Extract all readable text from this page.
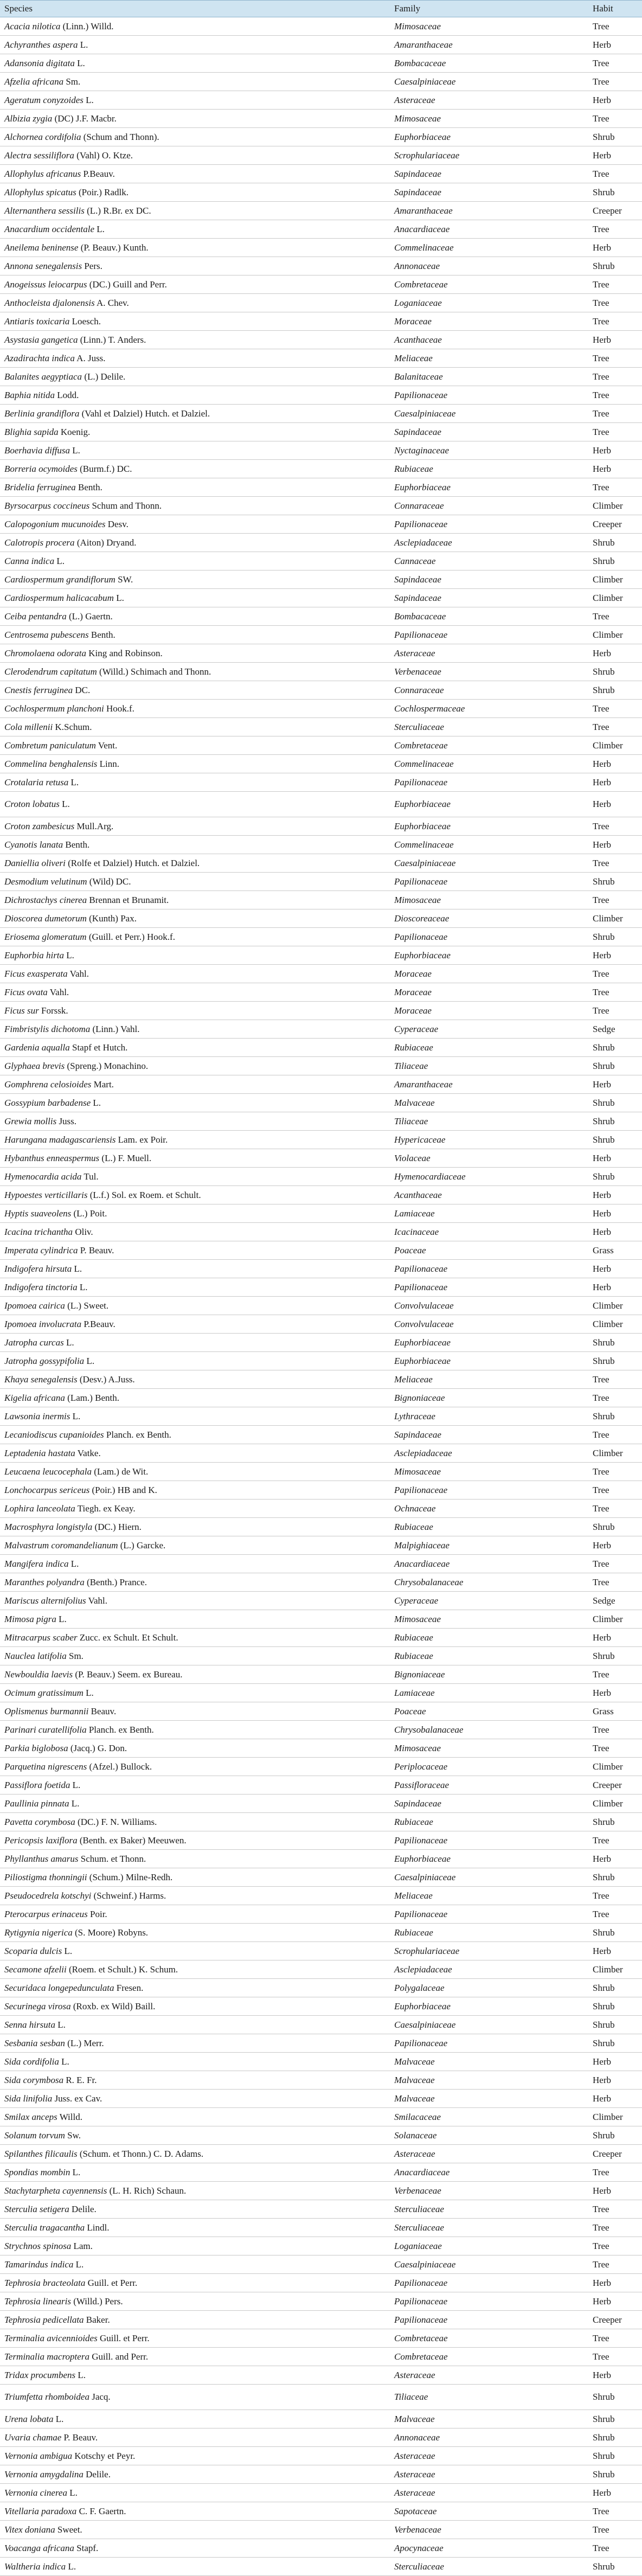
Species	Family	Habit
Acacia nilotica (Linn.) Willd.	Mimosaceae	Tree
Achyranthes aspera L.	Amaranthaceae	Herb
Adansonia digitata L.	Bombacaceae	Tree
Afzelia africana Sm.	Caesalpiniaceae	Tree
Ageratum conyzoides L.	Asteraceae	Herb
Albizia zygia (DC) J.F. Macbr.	Mimosaceae	Tree
Alchornea cordifolia (Schum and Thonn).	Euphorbiaceae	Shrub
Alectra sessiliflora (Vahl) O. Ktze.	Scrophulariaceae	Herb
Allophylus africanus P.Beauv.	Sapindaceae	Tree
Allophylus spicatus (Poir.) Radlk.	Sapindaceae	Shrub
Alternanthera sessilis (L.) R.Br. ex DC.	Amaranthaceae	Creeper
Anacardium occidentale L.	Anacardiaceae	Tree
Aneilema beninense (P. Beauv.) Kunth.	Commelinaceae	Herb
Annona senegalensis Pers.	Annonaceae	Shrub
Anogeissus leiocarpus (DC.) Guill and Perr.	Combretaceae	Tree
Anthocleista djalonensis A. Chev.	Loganiaceae	Tree
Antiaris toxicaria Loesch.	Moraceae	Tree
Asystasia gangetica (Linn.) T. Anders.	Acanthaceae	Herb
Azadirachta indica A. Juss.	Meliaceae	Tree
Balanites aegyptiaca (L.) Delile.	Balanitaceae	Tree
Baphia nitida Lodd.	Papilionaceae	Tree
Berlinia grandiflora (Vahl et Dalziel) Hutch. et Dalziel.	Caesalpiniaceae	Tree
Blighia sapida Koenig.	Sapindaceae	Tree
Boerhavia diffusa L.	Nyctaginaceae	Herb
Borreria ocymoides (Burm.f.) DC.	Rubiaceae	Herb
Bridelia ferruginea Benth.	Euphorbiaceae	Tree
Byrsocarpus coccineus Schum and Thonn.	Connaraceae	Climber
Calopogonium mucunoides Desv.	Papilionaceae	Creeper
Calotropis procera (Aiton) Dryand.	Asclepiadaceae	Shrub
Canna indica L.	Cannaceae	Shrub
Cardiospermum grandiflorum SW.	Sapindaceae	Climber
Cardiospermum halicacabum L.	Sapindaceae	Climber
Ceiba pentandra (L.) Gaertn.	Bombacaceae	Tree
Centrosema pubescens Benth.	Papilionaceae	Climber
Chromolaena odorata King and Robinson.	Asteraceae	Herb
Clerodendrum capitatum (Willd.) Schimach and Thonn.	Verbenaceae	Shrub
Cnestis ferruginea DC.	Connaraceae	Shrub
Cochlospermum planchoni Hook.f.	Cochlospermaceae	Tree
Cola millenii K.Schum.	Sterculiaceae	Tree
Combretum paniculatum Vent.	Combretaceae	Climber
Commelina benghalensis Linn.	Commelinaceae	Herb
Crotalaria retusa L.	Papilionaceae	Herb
Croton lobatus L.	Euphorbiaceae	Herb
Croton zambesicus Mull.Arg.	Euphorbiaceae	Tree
Cyanotis lanata Benth.	Commelinaceae	Herb
Daniellia oliveri (Rolfe et Dalziel) Hutch. et Dalziel.	Caesalpiniaceae	Tree
Desmodium velutinum (Wild) DC.	Papilionaceae	Shrub
Dichrostachys cinerea Brennan et Brunamit.	Mimosaceae	Tree
Dioscorea dumetorum (Kunth) Pax.	Dioscoreaceae	Climber
Eriosema glomeratum (Guill. et Perr.) Hook.f.	Papilionaceae	Shrub
Euphorbia hirta L.	Euphorbiaceae	Herb
Ficus exasperata Vahl.	Moraceae	Tree
Ficus ovata Vahl.	Moraceae	Tree
Ficus sur Forssk.	Moraceae	Tree
Fimbristylis dichotoma (Linn.) Vahl.	Cyperaceae	Sedge
Gardenia aqualla Stapf et Hutch.	Rubiaceae	Shrub
Glyphaea brevis (Spreng.) Monachino.	Tiliaceae	Shrub
Gomphrena celosioides Mart.	Amaranthaceae	Herb
Gossypium barbadense L.	Malvaceae	Shrub
Grewia mollis Juss.	Tiliaceae	Shrub
Harungana madagascariensis Lam. ex Poir.	Hypericaceae	Shrub
Hybanthus enneaspermus (L.) F. Muell.	Violaceae	Herb
Hymenocardia acida Tul.	Hymenocardiaceae	Shrub
Hypoestes verticillaris (L.f.) Sol. ex Roem. et Schult.	Acanthaceae	Herb
Hyptis suaveolens (L.) Poit.	Lamiaceae	Herb
Icacina trichantha Oliv.	Icacinaceae	Herb
Imperata cylindrica P. Beauv.	Poaceae	Grass
Indigofera hirsuta L.	Papilionaceae	Herb
Indigofera tinctoria L.	Papilionaceae	Herb
Ipomoea cairica (L.) Sweet.	Convolvulaceae	Climber
Ipomoea involucrata P.Beauv.	Convolvulaceae	Climber
Jatropha curcas L.	Euphorbiaceae	Shrub
Jatropha gossypifolia L.	Euphorbiaceae	Shrub
Khaya senegalensis (Desv.) A.Juss.	Meliaceae	Tree
Kigelia africana (Lam.) Benth.	Bignoniaceae	Tree
Lawsonia inermis L.	Lythraceae	Shrub
Lecaniodiscus cupanioides Planch. ex Benth.	Sapindaceae	Tree
Leptadenia hastata Vatke.	Asclepiadaceae	Climber
Leucaena leucocephala (Lam.) de Wit.	Mimosaceae	Tree
Lonchocarpus sericeus (Poir.) HB and K.	Papilionaceae	Tree
Lophira lanceolata Tiegh. ex Keay.	Ochnaceae	Tree
Macrosphyra longistyla (DC.) Hiern.	Rubiaceae	Shrub
Malvastrum coromandelianum (L.) Garcke.	Malpighiaceae	Herb
Mangifera indica L.	Anacardiaceae	Tree
Maranthes polyandra (Benth.) Prance.	Chrysobalanaceae	Tree
Mariscus alternifolius Vahl.	Cyperaceae	Sedge
Mimosa pigra L.	Mimosaceae	Climber
Mitracarpus scaber Zucc. ex Schult. Et Schult.	Rubiaceae	Herb
Nauclea latifolia Sm.	Rubiaceae	Shrub
Newbouldia laevis (P. Beauv.) Seem. ex Bureau.	Bignoniaceae	Tree
Ocimum gratissimum L.	Lamiaceae	Herb
Oplismenus burmannii Beauv.	Poaceae	Grass
Parinari curatellifolia Planch. ex Benth.	Chrysobalanaceae	Tree
Parkia biglobosa (Jacq.) G. Don.	Mimosaceae	Tree
Parquetina nigrescens (Afzel.) Bullock.	Periplocaceae	Climber
Passiflora foetida L.	Passifloraceae	Creeper
Paullinia pinnata L.	Sapindaceae	Climber
Pavetta corymbosa (DC.) F. N. Williams.	Rubiaceae	Shrub
Pericopsis laxiflora (Benth. ex Baker) Meeuwen.	Papilionaceae	Tree
Phyllanthus amarus Schum. et Thonn.	Euphorbiaceae	Herb
Piliostigma thonningii (Schum.) Milne-Redh.	Caesalpiniaceae	Shrub
Pseudocedrela kotschyi (Schweinf.) Harms.	Meliaceae	Tree
Pterocarpus erinaceus Poir.	Papilionaceae	Tree
Rytigynia nigerica (S. Moore) Robyns.	Rubiaceae	Shrub
Scoparia dulcis L.	Scrophulariaceae	Herb
Secamone afzelii (Roem. et Schult.) K. Schum.	Asclepiadaceae	Climber
Securidaca longepedunculata Fresen.	Polygalaceae	Shrub
Securinega virosa (Roxb. ex Wild) Baill.	Euphorbiaceae	Shrub
Senna hirsuta L.	Caesalpiniaceae	Shrub
Sesbania sesban (L.) Merr.	Papilionaceae	Shrub
Sida cordifolia L.	Malvaceae	Herb
Sida corymbosa R. E. Fr.	Malvaceae	Herb
Sida linifolia Juss. ex Cav.	Malvaceae	Herb
Smilax anceps Willd.	Smilacaceae	Climber
Solanum torvum Sw.	Solanaceae	Shrub
Spilanthes filicaulis (Schum. et Thonn.) C. D. Adams.	Asteraceae	Creeper
Spondias mombin L.	Anacardiaceae	Tree
Stachytarpheta cayennensis (L. H. Rich) Schaun.	Verbenaceae	Herb
Sterculia setigera Delile.	Sterculiaceae	Tree
Sterculia tragacantha Lindl.	Sterculiaceae	Tree
Strychnos spinosa Lam.	Loganiaceae	Tree
Tamarindus indica L.	Caesalpiniaceae	Tree
Tephrosia bracteolata Guill. et Perr.	Papilionaceae	Herb
Tephrosia linearis (Willd.) Pers.	Papilionaceae	Herb
Tephrosia pedicellata Baker.	Papilionaceae	Creeper
Terminalia avicennioides Guill. et Perr.	Combretaceae	Tree
Terminalia macroptera Guill. and Perr.	Combretaceae	Tree
Tridax procumbens L.	Asteraceae	Herb
Triumfetta rhomboidea Jacq.	Tiliaceae	Shrub
Urena lobata L.	Malvaceae	Shrub
Uvaria chamae P. Beauv.	Annonaceae	Shrub
Vernonia ambigua Kotschy et Peyr.	Asteraceae	Shrub
Vernonia amygdalina Delile.	Asteraceae	Shrub
Vernonia cinerea L.	Asteraceae	Herb
Vitellaria paradoxa C. F. Gaertn.	Sapotaceae	Tree
Vitex doniana Sweet.	Verbenaceae	Tree
Voacanga africana Stapf.	Apocynaceae	Tree
Waltheria indica L.	Sterculiaceae	Shrub
